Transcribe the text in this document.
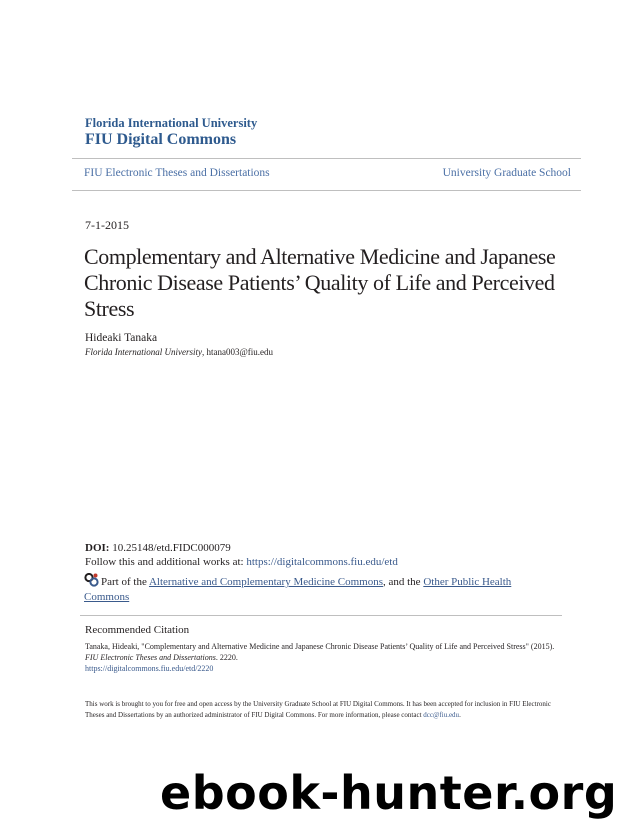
Florida International University
FIU Digital Commons
FIU Electronic Theses and Dissertations	University Graduate School
7-1-2015
Complementary and Alternative Medicine and Japanese Chronic Disease Patients’ Quality of Life and Perceived Stress
Hideaki Tanaka
Florida International University, htana003@fiu.edu
DOI: 10.25148/etd.FIDC000079
Follow this and additional works at: https://digitalcommons.fiu.edu/etd
Part of the Alternative and Complementary Medicine Commons, and the Other Public Health Commons
Recommended Citation
Tanaka, Hideaki, "Complementary and Alternative Medicine and Japanese Chronic Disease Patients’ Quality of Life and Perceived Stress" (2015). FIU Electronic Theses and Dissertations. 2220.
https://digitalcommons.fiu.edu/etd/2220
This work is brought to you for free and open access by the University Graduate School at FIU Digital Commons. It has been accepted for inclusion in FIU Electronic Theses and Dissertations by an authorized administrator of FIU Digital Commons. For more information, please contact dcc@fiu.edu.
ebook-hunter.org
